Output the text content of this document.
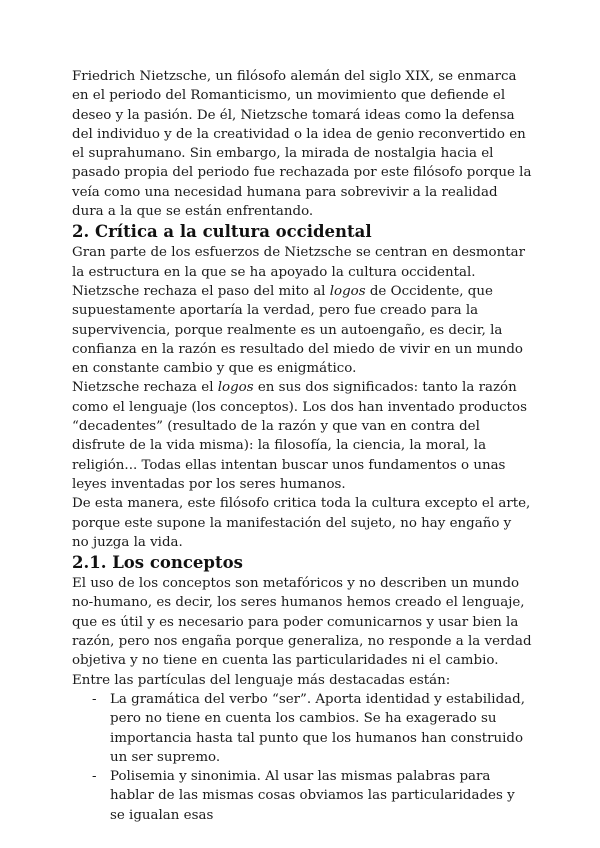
Friedrich Nietzsche, un filósofo alemán del siglo XIX, se enmarca en el periodo del Romanticismo, un movimiento que defiende el deseo y la pasión. De él, Nietzsche tomará ideas como la defensa del individuo y de la creatividad o la idea de genio reconvertido en el suprahumano. Sin embargo, la mirada de nostalgia hacia el pasado propia del periodo fue rechazada por este filósofo porque la veía como una necesidad humana para sobrevivir a la realidad dura a la que se están enfrentando.

2. Crítica a la cultura occidental

Gran parte de los esfuerzos de Nietzsche se centran en desmontar la estructura en la que se ha apoyado la cultura occidental. Nietzsche rechaza el paso del mito al logos de Occidente, que supuestamente aportaría la verdad, pero fue creado para la supervivencia, porque realmente es un autoengaño, es decir, la confianza en la razón es resultado del miedo de vivir en un mundo en constante cambio y que es enigmático.

Nietzsche rechaza el logos en sus dos significados: tanto la razón como el lenguaje (los conceptos). Los dos han inventado productos “decadentes” (resultado de la razón y que van en contra del disfrute de la vida misma): la filosofía, la ciencia, la moral, la religión... Todas ellas intentan buscar unos fundamentos o unas leyes inventadas por los seres humanos.

De esta manera, este filósofo critica toda la cultura excepto el arte, porque este supone la manifestación del sujeto, no hay engaño y no juzga la vida.

2.1. Los conceptos

El uso de los conceptos son metafóricos y no describen un mundo no-humano, es decir, los seres humanos hemos creado el lenguaje, que es útil y es necesario para poder comunicarnos y usar bien la razón, pero nos engaña porque generaliza, no responde a la verdad objetiva y no tiene en cuenta las particularidades ni el cambio. Entre las partículas del lenguaje más destacadas están:

- La gramática del verbo “ser”. Aporta identidad y estabilidad, pero no tiene en cuenta los cambios. Se ha exagerado su importancia hasta tal punto que los humanos han construido un ser supremo.
- Polisemia y sinonimia. Al usar las mismas palabras para hablar de las mismas cosas obviamos las particularidades y se igualan esas
